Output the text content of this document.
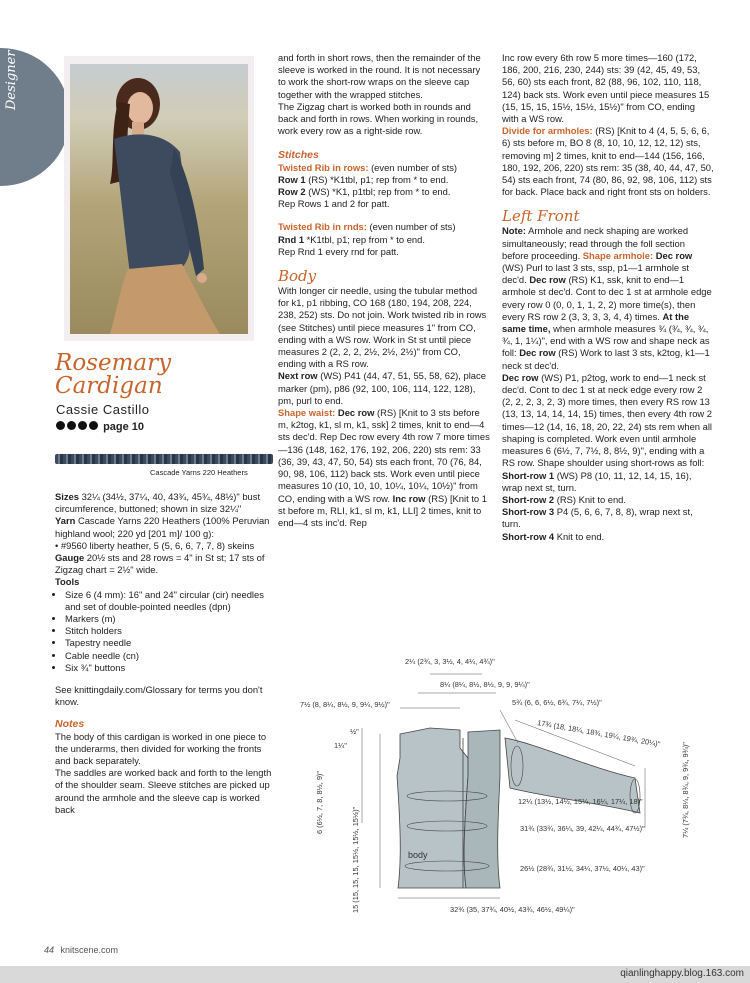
Designer
Rosemary
Cardigan
Cassie Castillo
page 10
Cascade Yarns 220 Heathers

Sizes 32¼ (34½, 37¼, 40, 43¾, 45¾, 48½)" bust circumference, buttoned; shown in size 32¼"

Yarn Cascade Yarns 220 Heathers (100% Peruvian highland wool; 220 yd [201 m]/ 100 g):

• #9560 liberty heather, 5 (5, 6, 6, 7, 7, 8) skeins

Gauge 20½ sts and 28 rows = 4" in St st; 17 sts of Zigzag chart = 2½" wide.

Tools

• Size 6 (4 mm): 16" and 24" circular (cir) needles and set of double-pointed needles (dpn)
• Markers (m)
• Stitch holders
• Tapestry needle
• Cable needle (cn)
• Six ¾" buttons

See knittingdaily.com/Glossary for terms you don't know.

Notes

The body of this cardigan is worked in one piece to the underarms, then divided for working the fronts and back separately.

The saddles are worked back and forth to the length of the shoulder seam. Sleeve stitches are picked up around the armhole and the sleeve cap is worked back

and forth in short rows, then the remainder of the sleeve is worked in the round. It is not necessary to work the short-row wraps on the sleeve cap together with the wrapped stitches.

The Zigzag chart is worked both in rounds and back and forth in rows. When working in rounds, work every row as a right-side row.

Stitches

Twisted Rib in rows: (even number of sts)

Row 1 (RS) *K1tbl, p1; rep from * to end.

Row 2 (WS) *K1, p1tbl; rep from * to end.

Rep Rows 1 and 2 for patt.

Twisted Rib in rnds: (even number of sts)

Rnd 1 *K1tbl, p1; rep from * to end.

Rep Rnd 1 every rnd for patt.

Body

With longer cir needle, using the tubular method for k1, p1 ribbing, CO 168 (180, 194, 208, 224, 238, 252) sts. Do not join. Work twisted rib in rows (see Stitches) until piece measures 1" from CO, ending with a WS row. Work in St st until piece measures 2 (2, 2, 2, 2½, 2½, 2½)" from CO, ending with a RS row.

Next row (WS) P41 (44, 47, 51, 55, 58, 62), place marker (pm), p86 (92, 100, 106, 114, 122, 128), pm, purl to end.

Shape waist: Dec row (RS) [Knit to 3 sts before m, k2tog, k1, sl m, k1, ssk] 2 times, knit to end—4 sts dec'd. Rep Dec row every 4th row 7 more times—136 (148, 162, 176, 192, 206, 220) sts rem: 33 (36, 39, 43, 47, 50, 54) sts each front, 70 (76, 84, 90, 98, 106, 112) back sts. Work even until piece measures 10 (10, 10, 10, 10¼, 10¼, 10½)" from CO, ending with a WS row. Inc row (RS) [Knit to 1 st before m, RLI, k1, sl m, k1, LLI] 2 times, knit to end—4 sts inc'd. Rep

Inc row every 6th row 5 more times—160 (172, 186, 200, 216, 230, 244) sts: 39 (42, 45, 49, 53, 56, 60) sts each front, 82 (88, 96, 102, 110, 118, 124) back sts. Work even until piece measures 15 (15, 15, 15, 15½, 15½, 15½)" from CO, ending with a WS row.

Divide for armholes: (RS) [Knit to 4 (4, 5, 5, 6, 6, 6) sts before m, BO 8 (8, 10, 10, 12, 12, 12) sts, removing m] 2 times, knit to end—144 (156, 166, 180, 192, 206, 220) sts rem: 35 (38, 40, 44, 47, 50, 54) sts each front, 74 (80, 86, 92, 98, 106, 112) sts for back. Place back and right front sts on holders.

Left Front

Note: Armhole and neck shaping are worked simultaneously; read through the foll section before proceeding. Shape armhole: Dec row (WS) Purl to last 3 sts, ssp, p1—1 armhole st dec'd. Dec row (RS) K1, ssk, knit to end—1 armhole st dec'd. Cont to dec 1 st at armhole edge every row 0 (0, 0, 1, 1, 2, 2) more time(s), then every RS row 2 (3, 3, 3, 3, 4, 4) times. At the same time, when armhole measures ¾ (¾, ¾, ¾, ¾, 1, 1¼)", end with a WS row and shape neck as foll: Dec row (RS) Work to last 3 sts, k2tog, k1—1 neck st dec'd.

Dec row (WS) P1, p2tog, work to end—1 neck st dec'd. Cont to dec 1 st at neck edge every row 2 (2, 2, 2, 3, 2, 3) more times, then every RS row 13 (13, 13, 14, 14, 14, 15) times, then every 4th row 2 times—12 (14, 16, 18, 20, 22, 24) sts rem when all shaping is completed. Work even until armhole measures 6 (6½, 7, 7½, 8, 8½, 9)", ending with a RS row. Shape shoulder using short-rows as foll:

Short-row 1 (WS) P8 (10, 11, 12, 14, 15, 16), wrap next st, turn.

Short-row 2 (RS) Knit to end.

Short-row 3 P4 (5, 6, 6, 7, 8, 8), wrap next st, turn.

Short-row 4 Knit to end.

32¾ (35, 37¾, 40½, 43¾, 46½, 49¼)"
body
2¼ (2¾, 3, 3½, 4, 4¼, 4¾)"
8¼ (8¼, 8½, 8½, 9, 9, 9¼)"
7½ (8, 8¼, 8½, 9, 9¼, 9½)"	5¾ (6, 6, 6½, 6¾, 7¼, 7½)"
17¾ (18, 18¼, 18¾, 19¼, 19¾, 20¼)"
½"
1¼"
6 (6½, 7, 8, 8½, 9)"
15 (15, 15, 15, 15½, 15½, 15½)"
7¼ (7¾, 8¼, 8¾, 9, 9¾, 9¾)"
12¼ (13½, 14½, 15¼, 16¼, 17¼, 18)"
31¾ (33¾, 36¼, 39, 42¼, 44¾, 47½)"
26½ (28¾, 31½, 34¼, 37½, 40¼, 43)"
44 knitscene.com
qianlinghappy.blog.163.com
